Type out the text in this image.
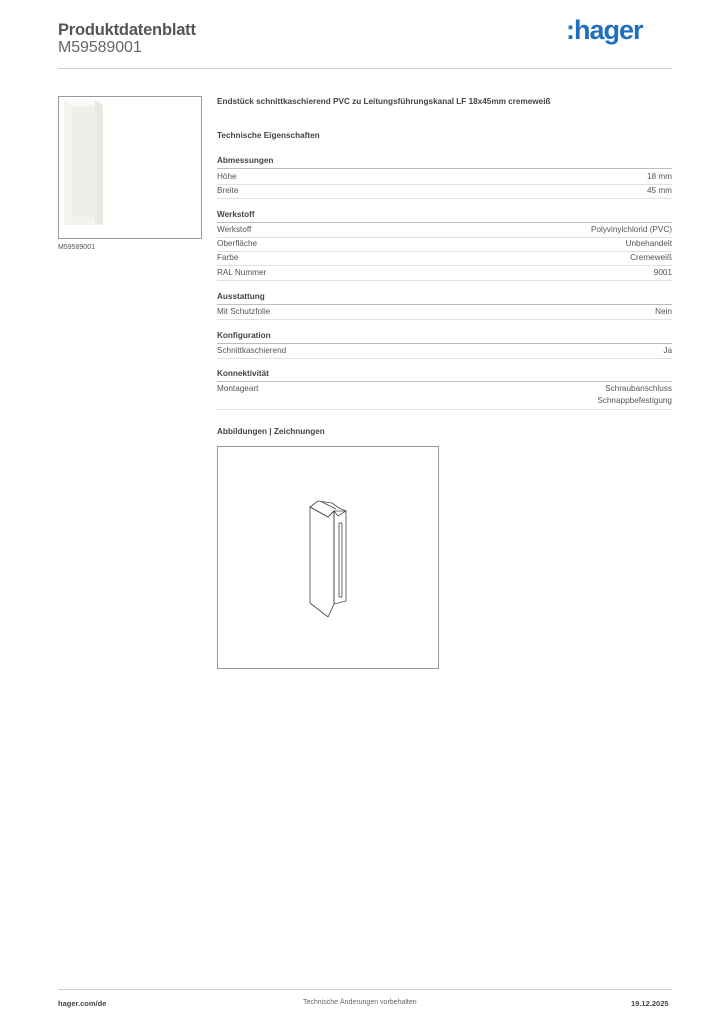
Produktdatenblatt
M59589001
:hager
M59589001
Endstück schnittkaschierend PVC zu Leitungsführungskanal LF 18x45mm cremeweiß
Technische Eigenschaften
Abmessungen
Höhe	18 mm
Breite	45 mm
Werkstoff
Werkstoff	Polyvinylchlorid (PVC)
Oberfläche	Unbehandelt
Farbe	Cremeweiß
RAL Nummer	9001
Ausstattung
Mit Schutzfolie	Nein
Konfiguration
Schnittkaschierend	Ja
Konnektivität
Montageart	Schraubanschluss
Schnappbefestigung
Abbildungen | Zeichnungen
hager.com/de	Technische Änderungen vorbehalten	19.12.2025
